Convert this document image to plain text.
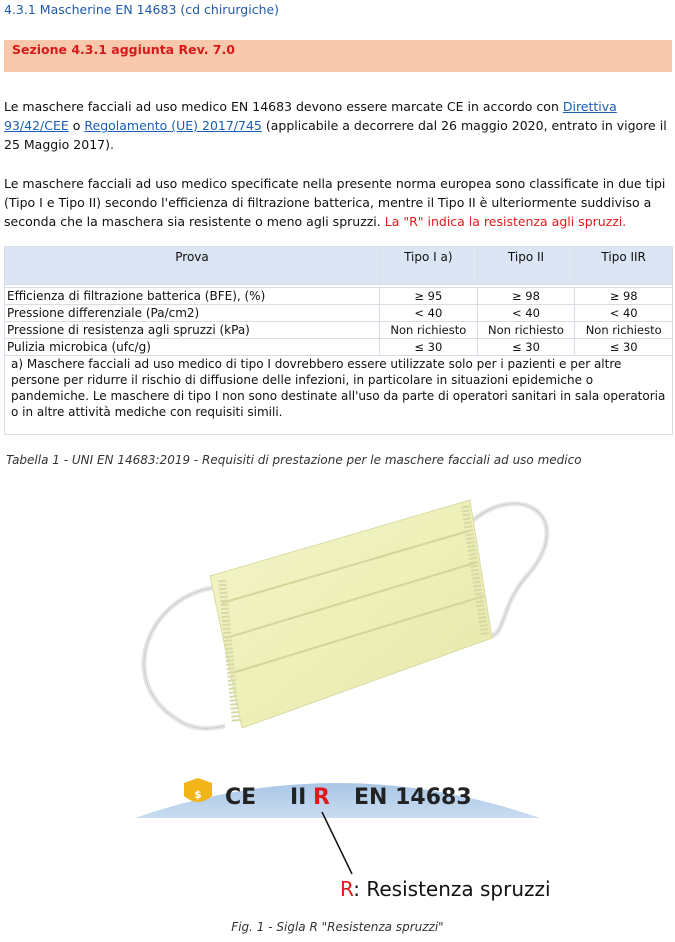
4.3.1 Mascherine EN 14683 (cd chirurgiche)
Sezione 4.3.1 aggiunta Rev. 7.0
Le maschere facciali ad uso medico EN 14683 devono essere marcate CE in accordo con Direttiva 93/42/CEE o Regolamento (UE) 2017/745 (applicabile a decorrere dal 26 maggio 2020, entrato in vigore il 25 Maggio 2017).
Le maschere facciali ad uso medico specificate nella presente norma europea sono classificate in due tipi (Tipo I e Tipo II) secondo l'efficienza di filtrazione batterica, mentre il Tipo II è ulteriormente suddiviso a seconda che la maschera sia resistente o meno agli spruzzi. La "R" indica la resistenza agli spruzzi.
Prova	Tipo I a)	Tipo II	Tipo IIR

Efficienza di filtrazione batterica (BFE), (%)	≥ 95	≥ 98	≥ 98
Pressione differenziale (Pa/cm2)	< 40	< 40	< 40
Pressione di resistenza agli spruzzi (kPa)	Non richiesto	Non richiesto	Non richiesto
Pulizia microbica (ufc/g)	≤ 30	≤ 30	≤ 30
a) Maschere facciali ad uso medico di tipo I dovrebbero essere utilizzate solo per i pazienti e per altre persone per ridurre il rischio di diffusione delle infezioni, in particolare in situazioni epidemiche o pandemiche. Le maschere di tipo I non sono destinate all'uso da parte di operatori sanitari in sala operatoria o in altre attività mediche con requisiti simili.			
Tabella 1 - UNI EN 14683:2019 - Requisiti di prestazione per le maschere facciali ad uso medico
$ CE II R EN 14683
R: Resistenza spruzzi
Fig. 1 - Sigla R "Resistenza spruzzi"
